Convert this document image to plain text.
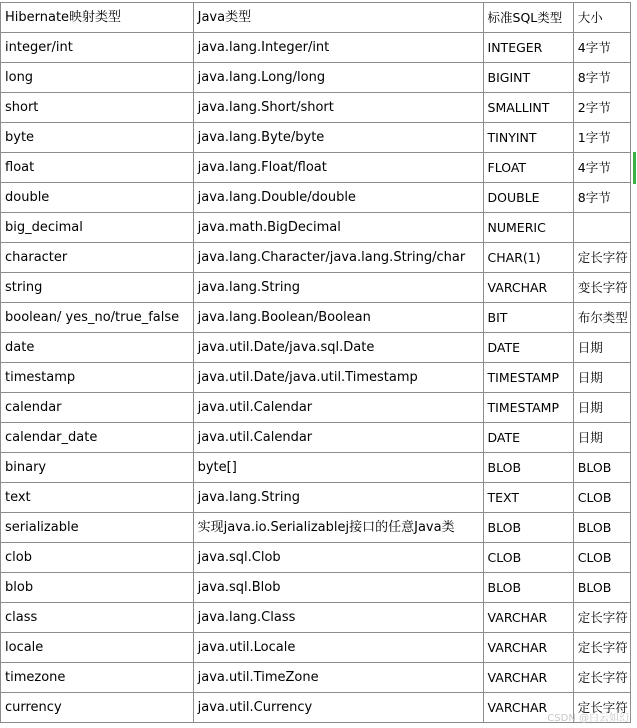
Hibernate映射类型	Java类型	标准SQL类型	大小
integer/int	java.lang.Integer/int	INTEGER	4字节
long	java.lang.Long/long	BIGINT	8字节
short	java.lang.Short/short	SMALLINT	2字节
byte	java.lang.Byte/byte	TINYINT	1字节
float	java.lang.Float/float	FLOAT	4字节
double	java.lang.Double/double	DOUBLE	8字节
big_decimal	java.math.BigDecimal	NUMERIC	
character	java.lang.Character/java.lang.String/char	CHAR(1)	定长字符
string	java.lang.String	VARCHAR	变长字符
boolean/ yes_no/true_false	java.lang.Boolean/Boolean	BIT	布尔类型
date	java.util.Date/java.sql.Date	DATE	日期
timestamp	java.util.Date/java.util.Timestamp	TIMESTAMP	日期
calendar	java.util.Calendar	TIMESTAMP	日期
calendar_date	java.util.Calendar	DATE	日期
binary	byte[]	BLOB	BLOB
text	java.lang.String	TEXT	CLOB
serializable	实现java.io.Serializablej接口的任意Java类	BLOB	BLOB
clob	java.sql.Clob	CLOB	CLOB
blob	java.sql.Blob	BLOB	BLOB
class	java.lang.Class	VARCHAR	定长字符
locale	java.util.Locale	VARCHAR	定长字符
timezone	java.util.TimeZone	VARCHAR	定长字符
currency	java.util.Currency	VARCHAR	定长字符
CSDN @白云如幻
